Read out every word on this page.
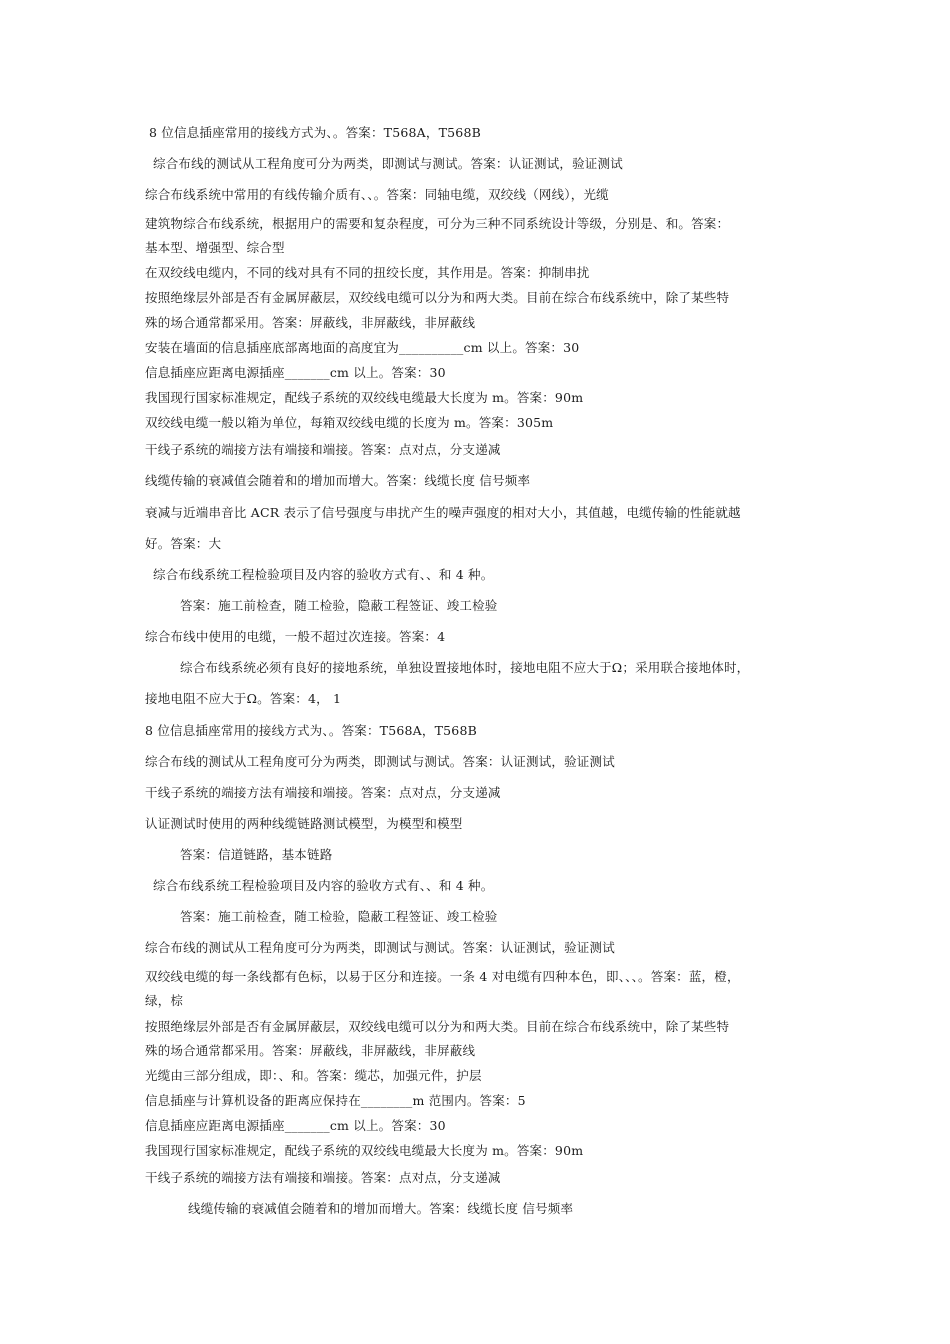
8 位信息插座常用的接线方式为、。答案：T568A，T568B
综合布线的测试从工程角度可分为两类，即测试与测试。答案：认证测试，验证测试
综合布线系统中常用的有线传输介质有、、。答案：同轴电缆，双绞线（网线），光缆
建筑物综合布线系统，根据用户的需要和复杂程度，可分为三种不同系统设计等级，分别是、和。答案：
基本型、增强型、综合型
在双绞线电缆内，不同的线对具有不同的扭绞长度，其作用是。答案：抑制串扰
按照绝缘层外部是否有金属屏蔽层，双绞线电缆可以分为和两大类。目前在综合布线系统中，除了某些特
殊的场合通常都采用。答案：屏蔽线，非屏蔽线，非屏蔽线
安装在墙面的信息插座底部离地面的高度宜为__________cm 以上。答案：30
信息插座应距离电源插座_______cm 以上。答案：30
我国现行国家标准规定，配线子系统的双绞线电缆最大长度为 m。答案：90m
双绞线电缆一般以箱为单位，每箱双绞线电缆的长度为 m。答案：305m
干线子系统的端接方法有端接和端接。答案：点对点，分支递减
线缆传输的衰减值会随着和的增加而增大。答案：线缆长度 信号频率
衰减与近端串音比 ACR 表示了信号强度与串扰产生的噪声强度的相对大小，其值越，电缆传输的性能就越
好。答案：大
综合布线系统工程检验项目及内容的验收方式有、、和 4 种。
答案：施工前检查，随工检验，隐蔽工程签证、竣工检验
综合布线中使用的电缆，一般不超过次连接。答案：4
综合布线系统必须有良好的接地系统，单独设置接地体时，接地电阻不应大于Ω；采用联合接地体时，
接地电阻不应大于Ω。答案：4， 1
8 位信息插座常用的接线方式为、。答案：T568A，T568B
综合布线的测试从工程角度可分为两类，即测试与测试。答案：认证测试，验证测试
干线子系统的端接方法有端接和端接。答案：点对点，分支递减
认证测试时使用的两种线缆链路测试模型，为模型和模型
答案：信道链路，基本链路
综合布线系统工程检验项目及内容的验收方式有、、和 4 种。
答案：施工前检查，随工检验，隐蔽工程签证、竣工检验
综合布线的测试从工程角度可分为两类，即测试与测试。答案：认证测试，验证测试
双绞线电缆的每一条线都有色标，以易于区分和连接。一条 4 对电缆有四种本色，即、、、。答案：蓝，橙，
绿，棕
按照绝缘层外部是否有金属屏蔽层，双绞线电缆可以分为和两大类。目前在综合布线系统中，除了某些特
殊的场合通常都采用。答案：屏蔽线，非屏蔽线，非屏蔽线
光缆由三部分组成，即：、和。答案：缆芯，加强元件，护层
信息插座与计算机设备的距离应保持在________m 范围内。答案：5
信息插座应距离电源插座_______cm 以上。答案：30
我国现行国家标准规定，配线子系统的双绞线电缆最大长度为 m。答案：90m
干线子系统的端接方法有端接和端接。答案：点对点，分支递减
线缆传输的衰减值会随着和的增加而增大。答案：线缆长度 信号频率
